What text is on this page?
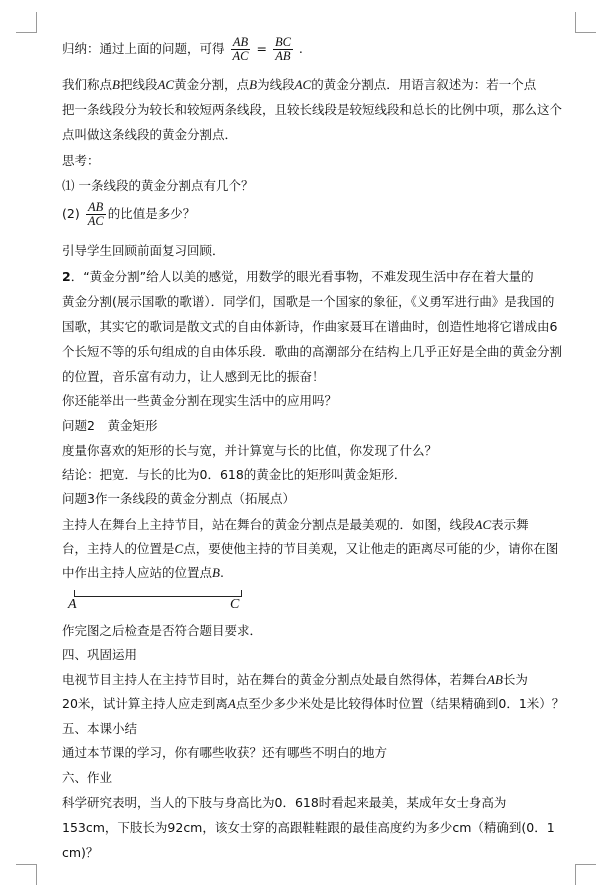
归纳：通过上面的问题，可得 $\frac{AB}{AC} = \frac{BC}{AB}$ .
我们称点B把线段AC黄金分割，点B为线段AC的黄金分割点．用语言叙述为：若一个点
把一条线段分为较长和较短两条线段，且较长线段是较短线段和总长的比例中项，那么这个
点叫做这条线段的黄金分割点．
思考：
⑴ 一条线段的黄金分割点有几个？
$(2) \frac{AB}{AC}$ 的比值是多少？
引导学生回顾前面复习回顾．
2．“黄金分割”给人以美的感觉，用数学的眼光看事物，不难发现生活中存在着大量的
黄金分割(展示国歌的歌谱）．同学们，国歌是一个国家的象征，《义勇军进行曲》是我国的
国歌，其实它的歌词是散文式的自由体新诗，作曲家聂耳在谱曲时，创造性地将它谱成由6
个长短不等的乐句组成的自由体乐段．歌曲的高潮部分在结构上几乎正好是全曲的黄金分割
的位置，音乐富有动力，让人感到无比的振奋！
你还能举出一些黄金分割在现实生活中的应用吗？
问题2　黄金矩形
度量你喜欢的矩形的长与宽，并计算宽与长的比值，你发现了什么？
结论：把宽．与长的比为0．618的黄金比的矩形叫黄金矩形．
问题3作一条线段的黄金分割点（拓展点）
主持人在舞台上主持节目，站在舞台的黄金分割点是最美观的．如图，线段AC表示舞
台，主持人的位置是C点，要使他主持的节目美观，又让他走的距离尽可能的少，请你在图
中作出主持人应站的位置点B.
A	C
作完图之后检查是否符合题目要求．
四、巩固运用
电视节目主持人在主持节目时，站在舞台的黄金分割点处最自然得体，若舞台AB长为
20米，试计算主持人应走到离A点至少多少米处是比较得体时位置（结果精确到0．1米）？
五、本课小结
通过本节课的学习，你有哪些收获？还有哪些不明白的地方
六、作业
科学研究表明，当人的下肢与身高比为0．618时看起来最美，某成年女士身高为
153cm，下肢长为92cm，该女士穿的高跟鞋鞋跟的最佳高度约为多少cm（精确到(0．1
cm)？
